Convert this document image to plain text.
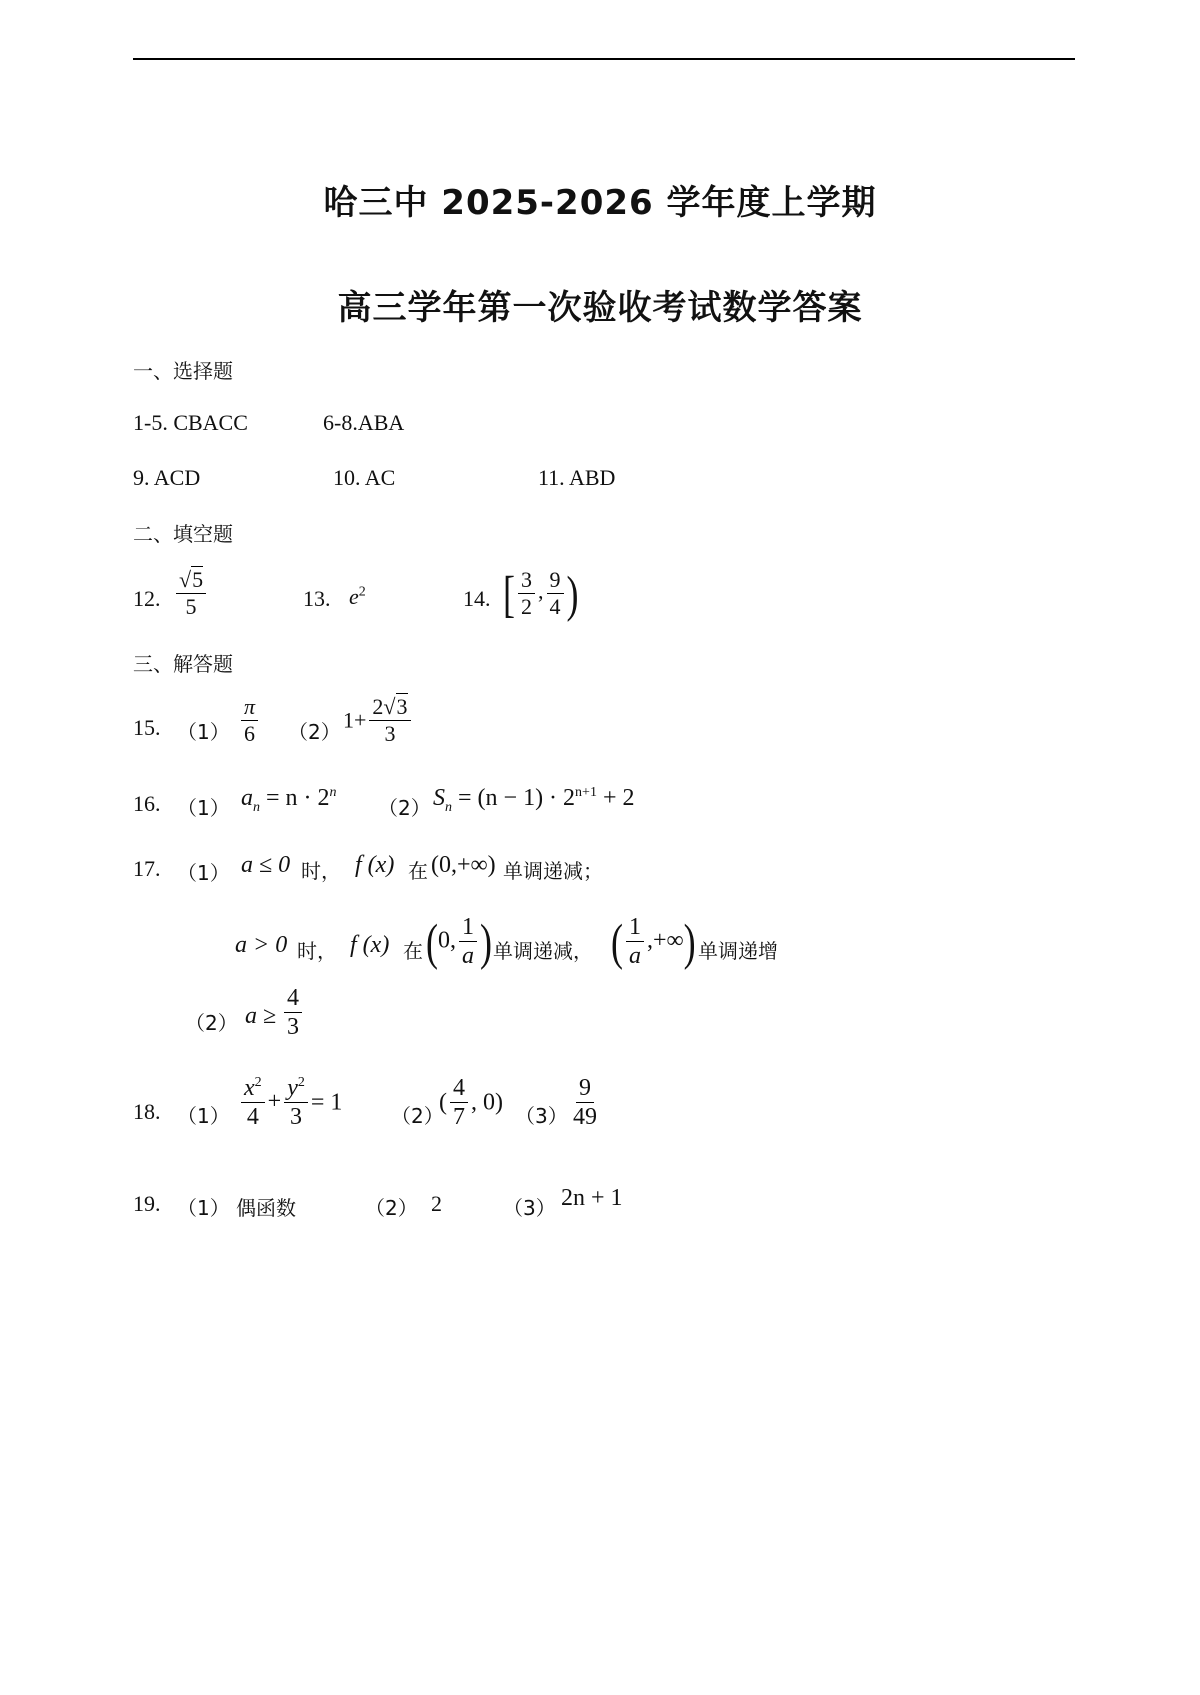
哈三中 2025-2026 学年度上学期
高三学年第一次验收考试数学答案
一、选择题
1-5. CBACC	6-8.ABA
9. ACD	10. AC	11. ABD
二、填空题
12. $\frac{√5}{5}$	13. $e^2$	14. [ $\frac{3}{2}$ , $\frac{9}{4}$ )
三、解答题
15. $(1) \frac{\pi}{6} (2)$ $1+ \frac{2√3}{3}$
16. （1） $a_n = n \cdot 2^n$
（2） $S_n = (n - 1) \cdot 2^{n+1} + 2$
17. （1） a ≤ 0 时， f (x) 在 (0,+∞) 单调递减；
a > 0 时， f (x) 在 (0, $\frac{1}{a}$ ) 单调递减， ( $\frac{1}{a}$ ,+∞) 单调递增
（2） $a \ge \frac{4}{3}$
18. $(1) \frac{x^2}{4} + \frac{y^2}{3} = 1$
（2）
( $\frac{4}{7}$ , 0)
$(3) \frac{9}{49}$
19. （1） 偶函数	（2） 2	（3） 2n + 1
